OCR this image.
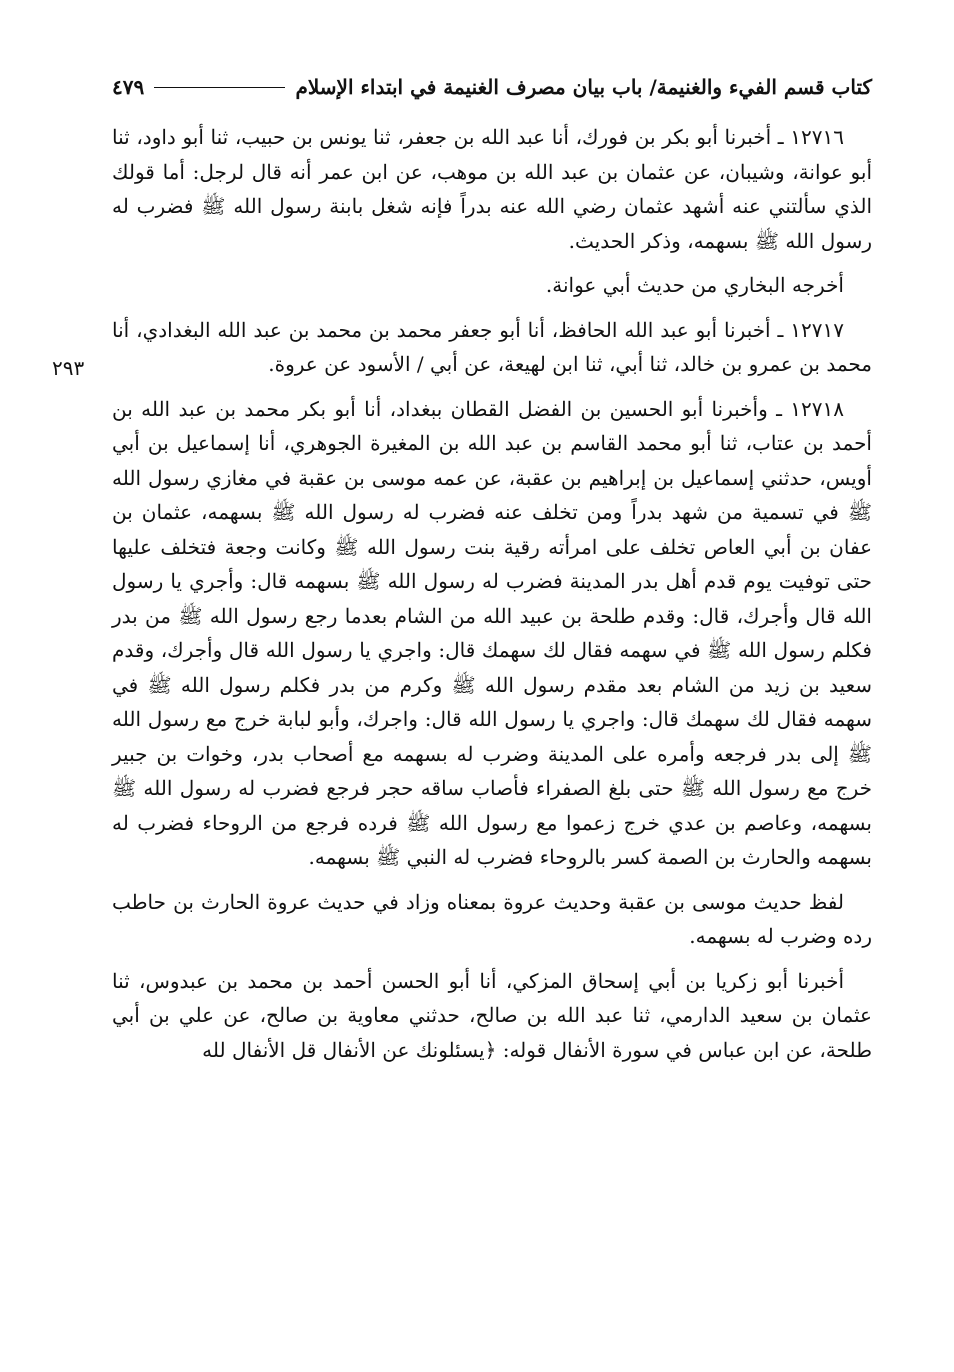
كتاب قسم الفيء والغنيمة/ باب بيان مصرف الغنيمة في ابتداء الإسلام
٤٧٩

١٢٧١٦ ـ أخبرنا أبو بكر بن فورك، أنا عبد الله بن جعفر، ثنا يونس بن حبيب، ثنا أبو داود، ثنا أبو عوانة، وشيبان، عن عثمان بن عبد الله بن موهب، عن ابن عمر أنه قال لرجل: أما قولك الذي سألتني عنه أشهد عثمان رضي الله عنه بدراً فإنه شغل بابنة رسول الله ﷺ فضرب له رسول الله ﷺ بسهمه، وذكر الحديث.

أخرجه البخاري من حديث أبي عوانة.

١٢٧١٧ ـ أخبرنا أبو عبد الله الحافظ، أنا أبو جعفر محمد بن محمد بن عبد الله البغدادي، أنا محمد بن عمرو بن خالد، ثنا أبي، ثنا ابن لهيعة، عن أبي / الأسود عن عروة.

٢٩٣

١٢٧١٨ ـ وأخبرنا أبو الحسين بن الفضل القطان ببغداد، أنا أبو بكر محمد بن عبد الله بن أحمد بن عتاب، ثنا أبو محمد القاسم بن عبد الله بن المغيرة الجوهري، أنا إسماعيل بن أبي أويس، حدثني إسماعيل بن إبراهيم بن عقبة، عن عمه موسى بن عقبة في مغازي رسول الله ﷺ في تسمية من شهد بدراً ومن تخلف عنه فضرب له رسول الله ﷺ بسهمه، عثمان بن عفان بن أبي العاص تخلف على امرأته رقية بنت رسول الله ﷺ وكانت وجعة فتخلف عليها حتى توفيت يوم قدم أهل بدر المدينة فضرب له رسول الله ﷺ بسهمه قال: وأجري يا رسول الله قال وأجرك، قال: وقدم طلحة بن عبيد الله من الشام بعدما رجع رسول الله ﷺ من بدر فكلم رسول الله ﷺ في سهمه فقال لك سهمك قال: واجري يا رسول الله قال وأجرك، وقدم سعيد بن زيد من الشام بعد مقدم رسول الله ﷺ وكرم من بدر فكلم رسول الله ﷺ في سهمه فقال لك سهمك قال: واجري يا رسول الله قال: واجرك، وأبو لبابة خرج مع رسول الله ﷺ إلى بدر فرجعه وأمره على المدينة وضرب له بسهمه مع أصحاب بدر، وخوات بن جبير خرج مع رسول الله ﷺ حتى بلغ الصفراء فأصاب ساقه حجر فرجع فضرب له رسول الله ﷺ بسهمه، وعاصم بن عدي خرج زعموا مع رسول الله ﷺ فرده فرجع من الروحاء فضرب له بسهمه والحارث بن الصمة كسر بالروحاء فضرب له النبي ﷺ بسهمه.

لفظ حديث موسى بن عقبة وحديث عروة بمعناه وزاد في حديث عروة الحارث بن حاطب رده وضرب له بسهمه.

أخبرنا أبو زكريا بن أبي إسحاق المزكي، أنا أبو الحسن أحمد بن محمد بن عبدوس، ثنا عثمان بن سعيد الدارمي، ثنا عبد الله بن صالح، حدثني معاوية بن صالح، عن علي بن أبي طلحة، عن ابن عباس في سورة الأنفال قوله: ﴿يسئلونك عن الأنفال قل الأنفال لله
